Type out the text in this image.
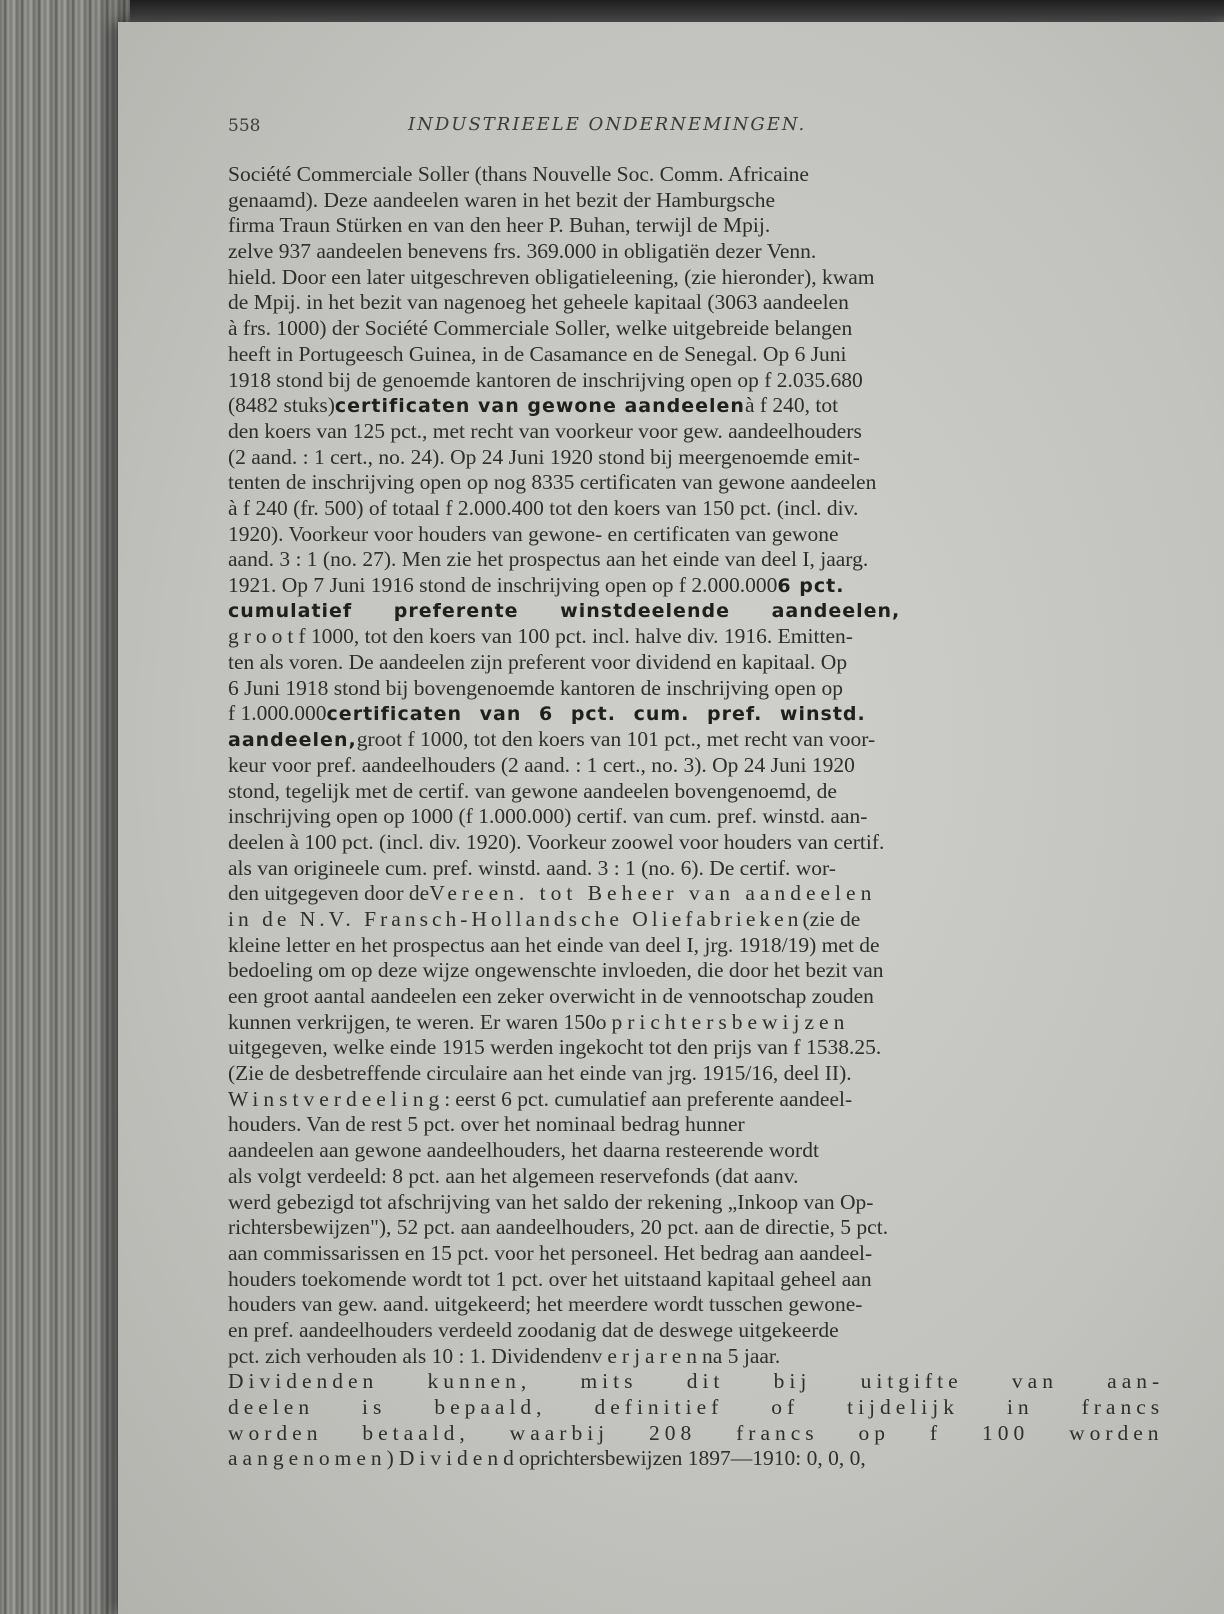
558	INDUSTRIEELE ONDERNEMINGEN.
Société Commerciale Soller (thans Nouvelle Soc. Comm. Africaine
genaamd). Deze aandeelen waren in het bezit der Hamburgsche
firma Traun Stürken en van den heer P. Buhan, terwijl de Mpij.
zelve 937 aandeelen benevens frs. 369.000 in obligatiën dezer Venn.
hield. Door een later uitgeschreven obligatieleening, (zie hieronder), kwam
de Mpij. in het bezit van nagenoeg het geheele kapitaal (3063 aandeelen
à frs. 1000) der Société Commerciale Soller, welke uitgebreide belangen
heeft in Portugeesch Guinea, in de Casamance en de Senegal. Op 6 Juni
1918 stond bij de genoemde kantoren de inschrijving open op f 2.035.680
(8482 stuks)certificaten van gewone aandeelenà f 240, tot
den koers van 125 pct., met recht van voorkeur voor gew. aandeelhouders
(2 aand. : 1 cert., no. 24). Op 24 Juni 1920 stond bij meergenoemde emit-
tenten de inschrijving open op nog 8335 certificaten van gewone aandeelen
à f 240 (fr. 500) of totaal f 2.000.400 tot den koers van 150 pct. (incl. div.
1920). Voorkeur voor houders van gewone- en certificaten van gewone
aand. 3 : 1 (no. 27). Men zie het prospectus aan het einde van deel I, jaarg.
1921. Op 7 Juni 1916 stond de inschrijving open op f 2.000.0006 pct.
cumulatief preferente winstdeelende aandeelen,
grootf 1000, tot den koers van 100 pct. incl. halve div. 1916. Emitten-
ten als voren. De aandeelen zijn preferent voor dividend en kapitaal. Op
6 Juni 1918 stond bij bovengenoemde kantoren de inschrijving open op
f 1.000.000certificaten van 6 pct. cum. pref. winstd.
aandeelen,groot f 1000, tot den koers van 101 pct., met recht van voor-
keur voor pref. aandeelhouders (2 aand. : 1 cert., no. 3). Op 24 Juni 1920
stond, tegelijk met de certif. van gewone aandeelen bovengenoemd, de
inschrijving open op 1000 (f 1.000.000) certif. van cum. pref. winstd. aan-
deelen à 100 pct. (incl. div. 1920). Voorkeur zoowel voor houders van certif.
als van origineele cum. pref. winstd. aand. 3 : 1 (no. 6). De certif. wor-
den uitgegeven door deVereen. tot Beheer van aandeelen
in de N.V. Fransch-Hollandsche Oliefabrieken(zie de
kleine letter en het prospectus aan het einde van deel I, jrg. 1918/19) met de
bedoeling om op deze wijze ongewenschte invloeden, die door het bezit van
een groot aantal aandeelen een zeker overwicht in de vennootschap zouden
kunnen verkrijgen, te weren. Er waren 150oprichtersbewijzen
uitgegeven, welke einde 1915 werden ingekocht tot den prijs van f 1538.25.
(Zie de desbetreffende circulaire aan het einde van jrg. 1915/16, deel II).
Winstverdeeling:eerst 6 pct. cumulatief aan preferente aandeel-
houders. Van de rest 5 pct. over het nominaal bedrag hunner
aandeelen aan gewone aandeelhouders, het daarna resteerende wordt
als volgt verdeeld: 8 pct. aan het algemeen reservefonds (dat aanv.
werd gebezigd tot afschrijving van het saldo der rekening „Inkoop van Op-
richtersbewijzen"), 52 pct. aan aandeelhouders, 20 pct. aan de directie, 5 pct.
aan commissarissen en 15 pct. voor het personeel. Het bedrag aan aandeel-
houders toekomende wordt tot 1 pct. over het uitstaand kapitaal geheel aan
houders van gew. aand. uitgekeerd; het meerdere wordt tusschen gewone-
en pref. aandeelhouders verdeeld zoodanig dat de deswege uitgekeerde
pct. zich verhouden als 10 : 1. Dividendenverjarenna 5 jaar.
Dividenden kunnen, mits dit bij uitgifte van aan-
deelen is bepaald, definitief of tijdelijk in francs
worden betaald, waarbij 208 francs op f 100 worden
aangenomen)Dividendoprichtersbewijzen 1897—1910: 0, 0, 0,
